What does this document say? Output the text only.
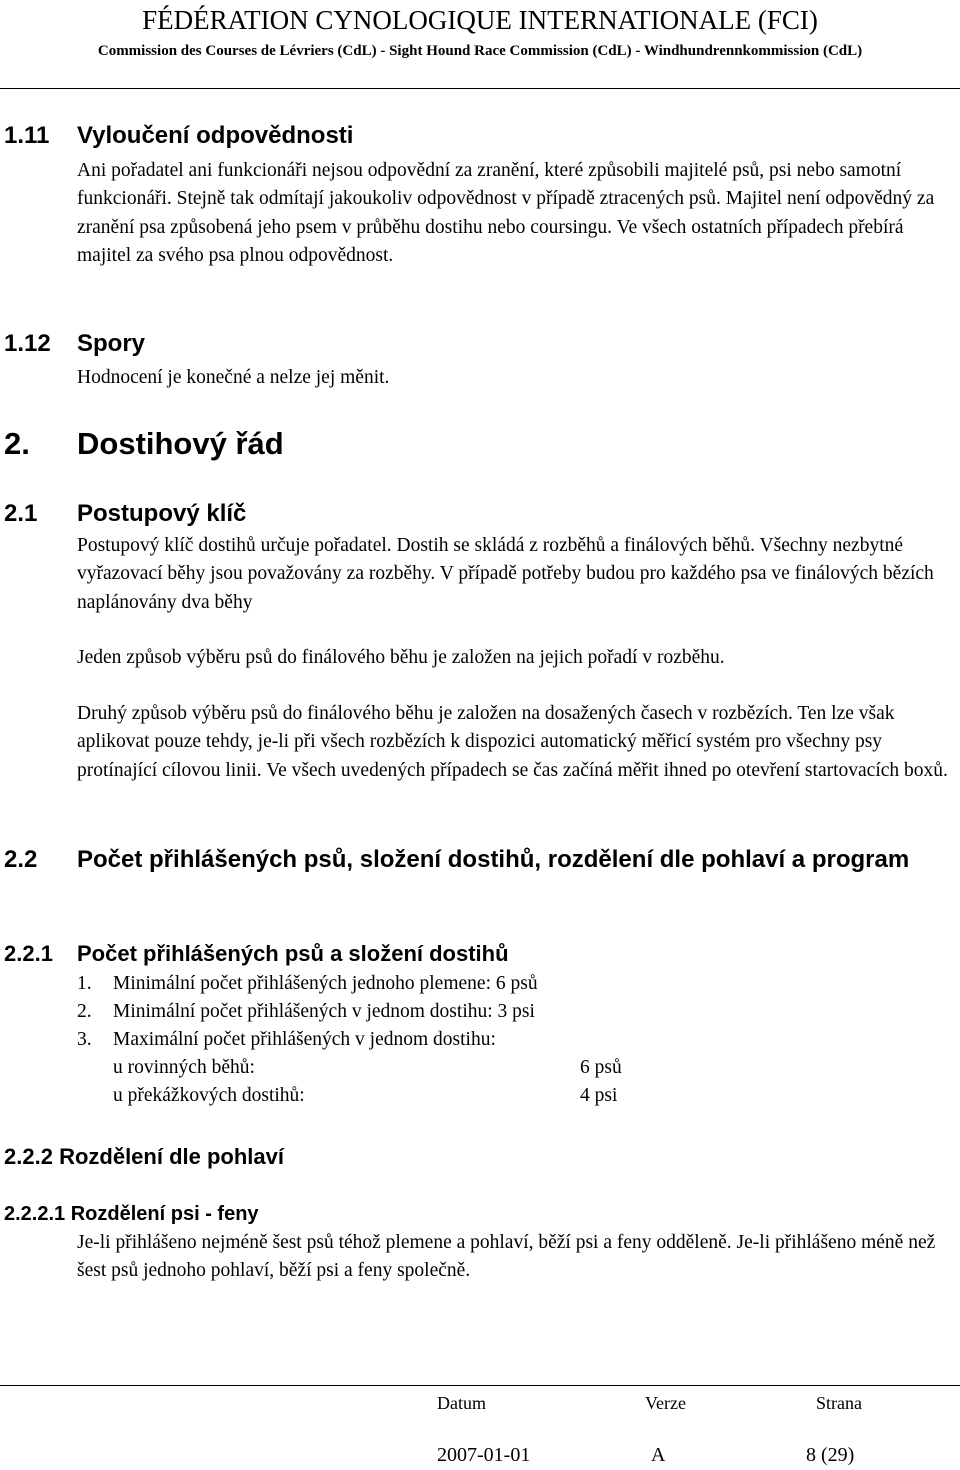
FÉDÉRATION CYNOLOGIQUE INTERNATIONALE (FCI)
Commission des Courses de Lévriers (CdL) - Sight Hound Race Commission (CdL) - Windhundrennkommission (CdL)
1.11 Vyloučení odpovědnosti

Ani pořadatel ani funkcionáři nejsou odpovědní za zranění, které způsobili majitelé psů, psi nebo samotní funkcionáři. Stejně tak odmítají jakoukoliv odpovědnost v případě ztracených psů. Majitel není odpovědný za zranění psa způsobená jeho psem v průběhu dostihu nebo coursingu. Ve všech ostatních případech přebírá majitel za svého psa plnou odpovědnost.

1.12 Spory

Hodnocení je konečné a nelze jej měnit.

2. Dostihový řád
2.1 Postupový klíč

Postupový klíč dostihů určuje pořadatel. Dostih se skládá z rozběhů a finálových běhů. Všechny nezbytné vyřazovací běhy jsou považovány za rozběhy. V případě potřeby budou pro každého psa ve finálových bězích naplánovány dva běhy

Jeden způsob výběru psů do finálového běhu je založen na jejich pořadí v rozběhu.

Druhý způsob výběru psů do finálového běhu je založen na dosažených časech v rozbězích. Ten lze však aplikovat pouze tehdy, je-li při všech rozbězích k dispozici automatický měřicí systém pro všechny psy protínající cílovou linii. Ve všech uvedených případech se čas začíná měřit ihned po otevření startovacích boxů.

2.2 Počet přihlášených psů, složení dostihů, rozdělení dle pohlaví a program
2.2.1 Počet přihlášených psů a složení dostihů
1. Minimální počet přihlášených jednoho plemene: 6 psů
2. Minimální počet přihlášených v jednom dostihu: 3 psi
3. Maximální počet přihlášených v jednom dostihu:
u rovinných běhů:	6 psů
u překážkových dostihů:	4 psi
2.2.2 Rozdělení dle pohlaví
2.2.2.1 Rozdělení psi - feny

Je-li přihlášeno nejméně šest psů téhož plemene a pohlaví, běží psi a feny odděleně. Je-li přihlášeno méně než šest psů jednoho pohlaví, běží psi a feny společně.

Datum	Verze	Strana
2007-01-01	A	8 (29)
